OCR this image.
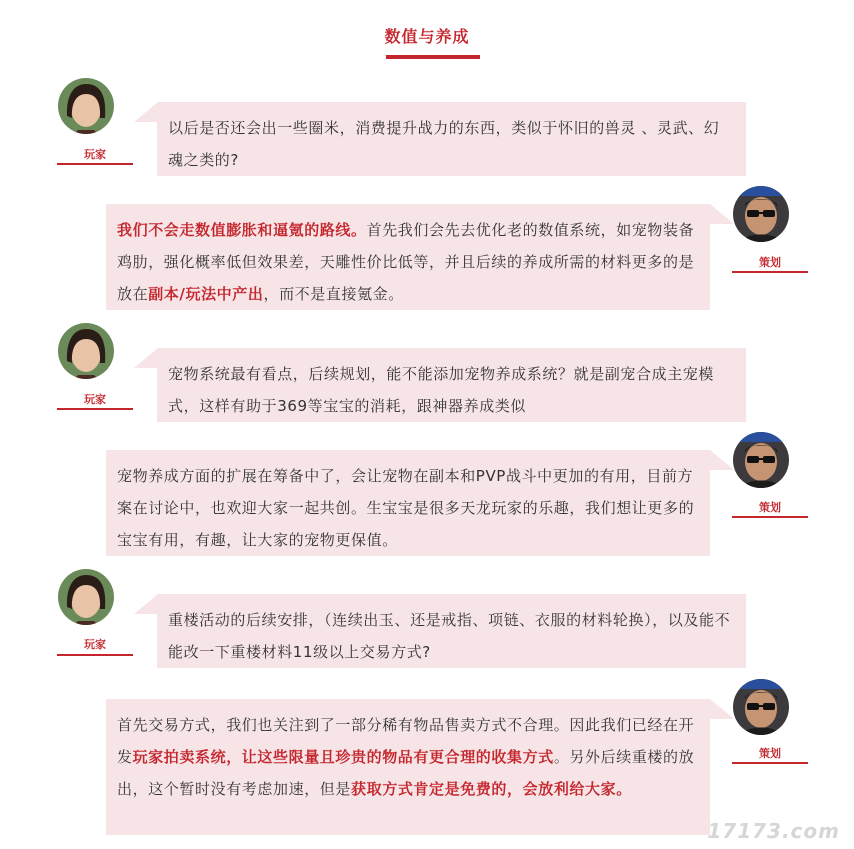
数值与养成
玩家
以后是否还会出一些圈米，消费提升战力的东西，类似于怀旧的兽灵 、灵武、幻魂之类的?
我们不会走数值膨胀和逼氪的路线。首先我们会先去优化老的数值系统，如宠物装备鸡肋，强化概率低但效果差，天雕性价比低等，并且后续的养成所需的材料更多的是放在副本/玩法中产出，而不是直接氪金。
策划
玩家
宠物系统最有看点，后续规划，能不能添加宠物养成系统？就是副宠合成主宠模式，这样有助于369等宝宝的消耗，跟神器养成类似
宠物养成方面的扩展在筹备中了，会让宠物在副本和PVP战斗中更加的有用，目前方案在讨论中，也欢迎大家一起共创。生宝宝是很多天龙玩家的乐趣，我们想让更多的宝宝有用，有趣，让大家的宠物更保值。
策划
玩家
重楼活动的后续安排，（连续出玉、还是戒指、项链、衣服的材料轮换），以及能不能改一下重楼材料11级以上交易方式?
首先交易方式，我们也关注到了一部分稀有物品售卖方式不合理。因此我们已经在开发玩家拍卖系统，让这些限量且珍贵的物品有更合理的收集方式。另外后续重楼的放出，这个暂时没有考虑加速，但是获取方式肯定是免费的，会放利给大家。
策划
17173.com
